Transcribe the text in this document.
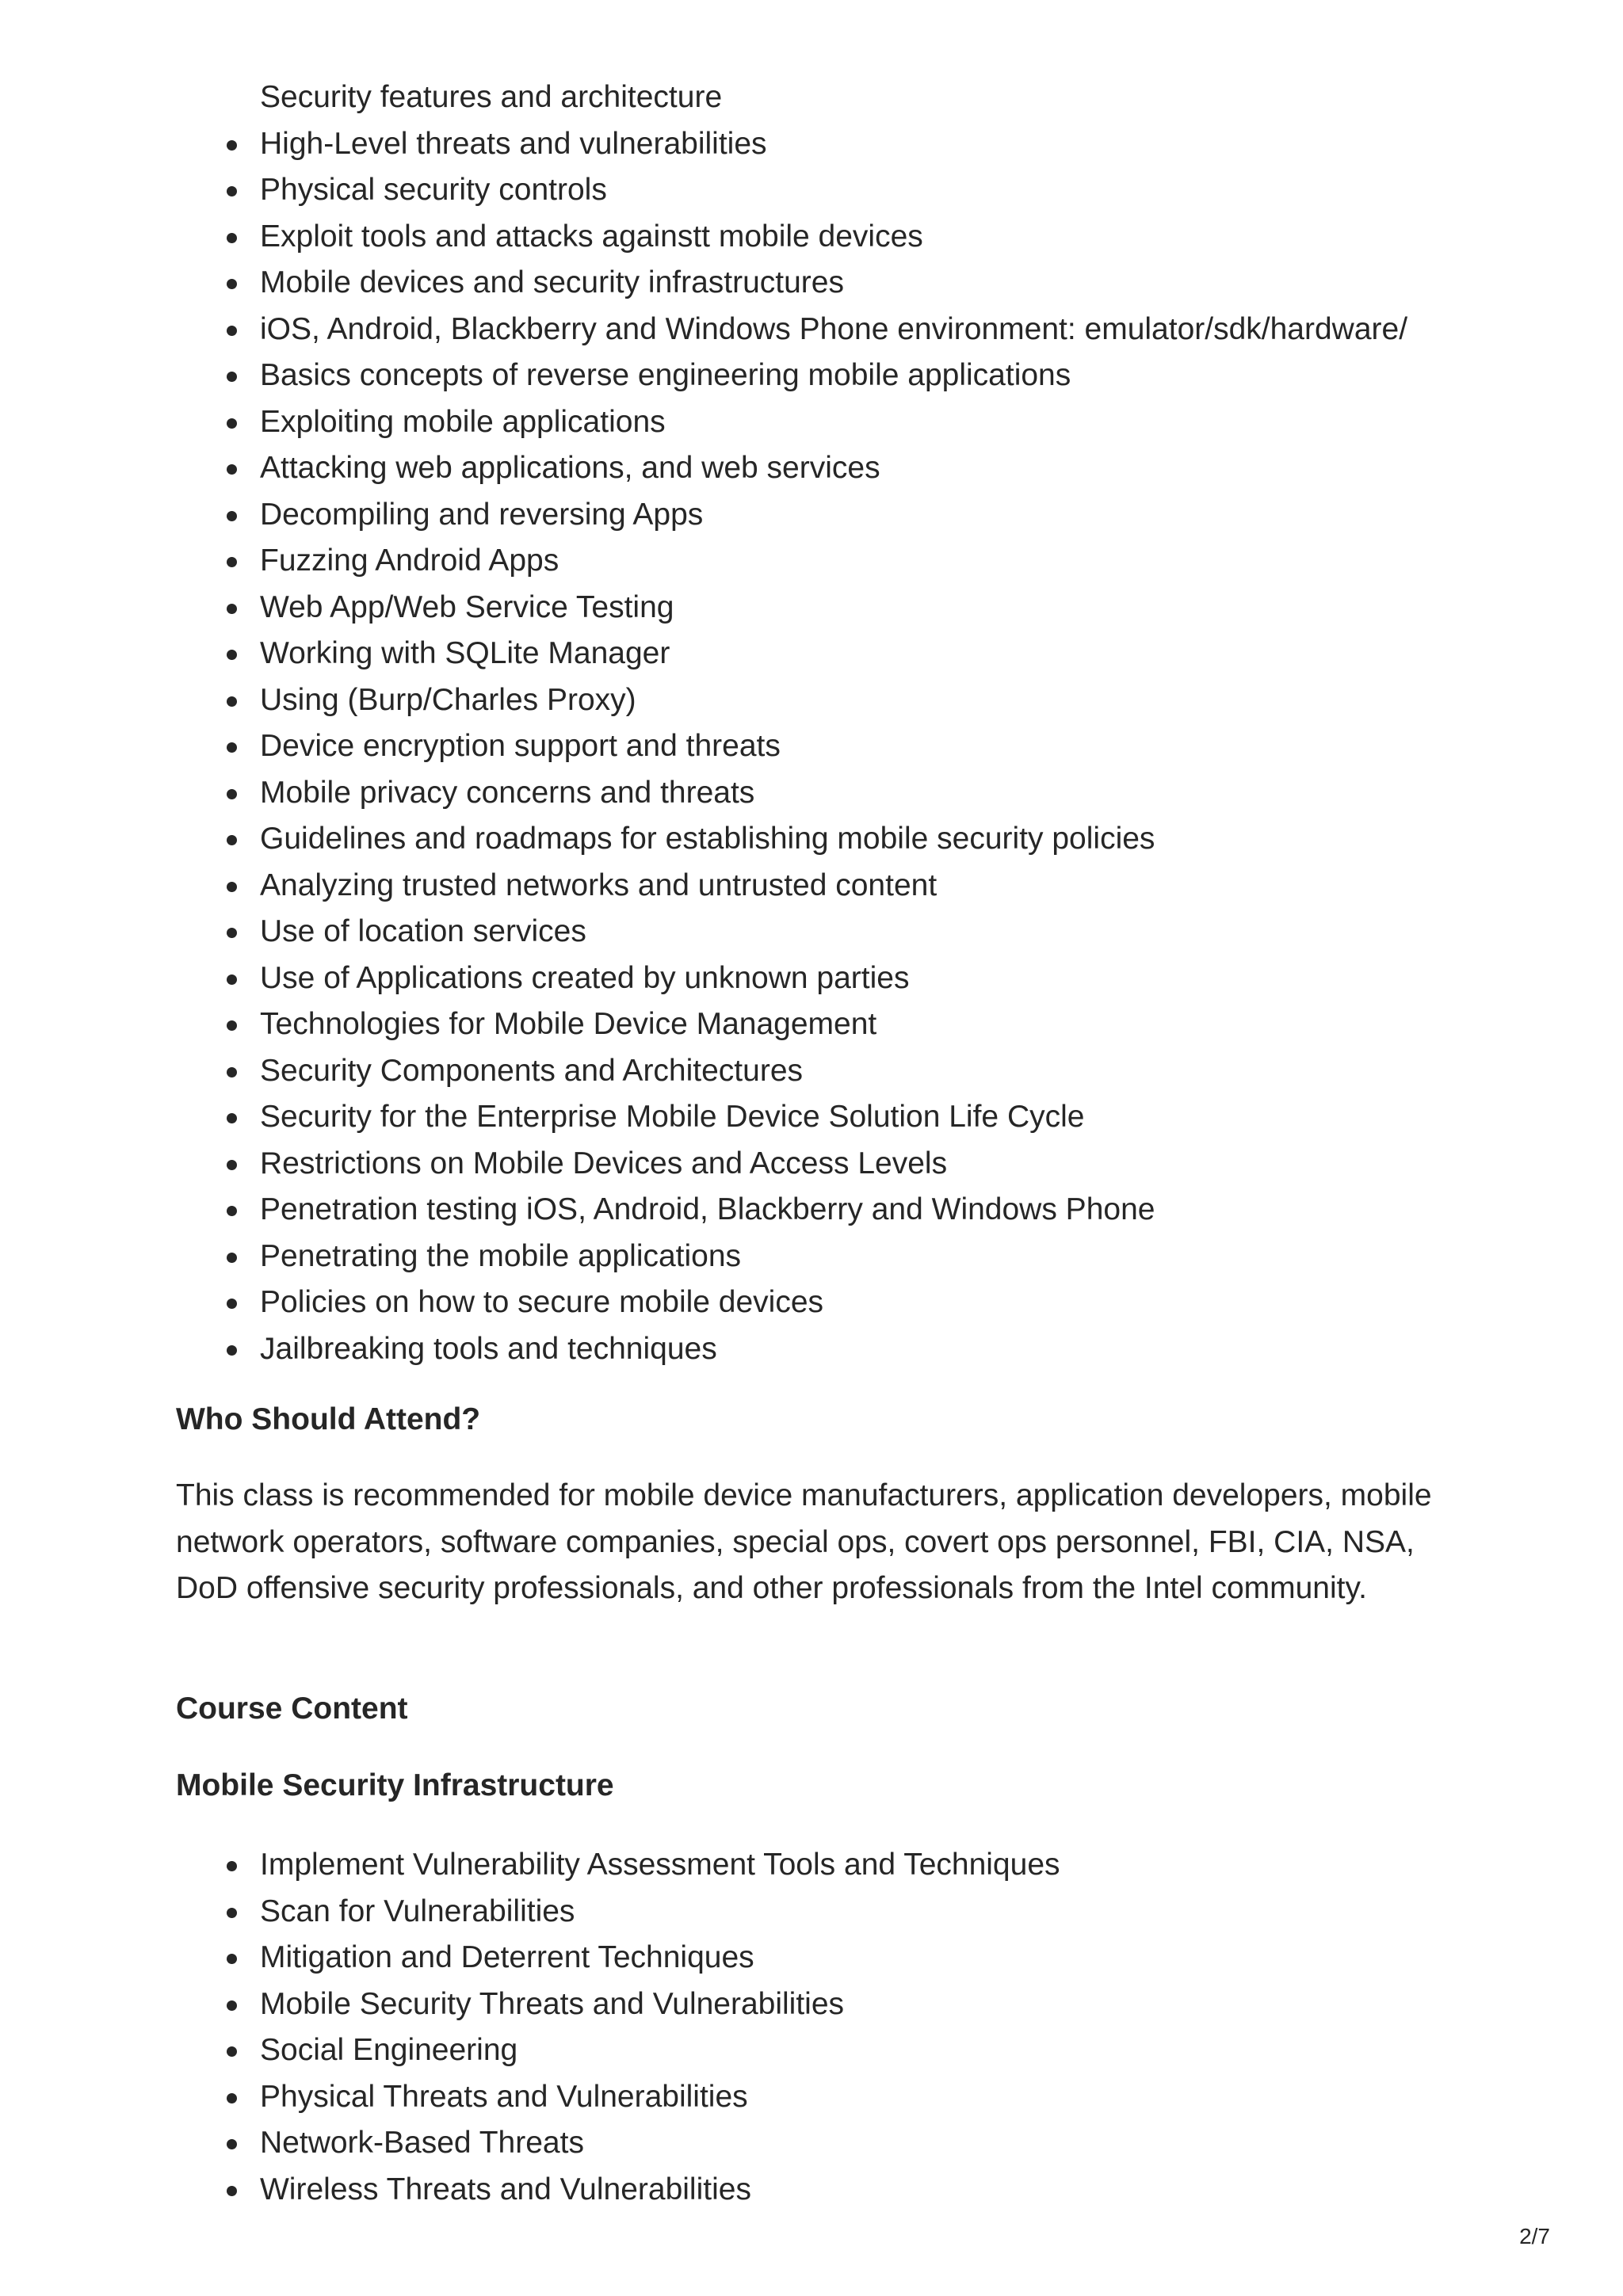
Security features and architecture

High-Level threats and vulnerabilities
Physical security controls
Exploit tools and attacks againstt mobile devices
Mobile devices and security infrastructures
iOS, Android, Blackberry and Windows Phone environment: emulator/sdk/hardware/
Basics concepts of reverse engineering mobile applications
Exploiting mobile applications
Attacking web applications, and web services
Decompiling and reversing Apps
Fuzzing Android Apps
Web App/Web Service Testing
Working with SQLite Manager
Using (Burp/Charles Proxy)
Device encryption support and threats
Mobile privacy concerns and threats
Guidelines and roadmaps for establishing mobile security policies
Analyzing trusted networks and untrusted content
Use of location services
Use of Applications created by unknown parties
Technologies for Mobile Device Management
Security Components and Architectures
Security for the Enterprise Mobile Device Solution Life Cycle
Restrictions on Mobile Devices and Access Levels
Penetration testing iOS, Android, Blackberry and Windows Phone
Penetrating the mobile applications
Policies on how to secure mobile devices
Jailbreaking tools and techniques
Who Should Attend?

This class is recommended for mobile device manufacturers, application developers, mobile network operators, software companies, special ops, covert ops personnel, FBI, CIA, NSA, DoD offensive security professionals, and other professionals from the Intel community.

Course Content
Mobile Security Infrastructure
Implement Vulnerability Assessment Tools and Techniques
Scan for Vulnerabilities
Mitigation and Deterrent Techniques
Mobile Security Threats and Vulnerabilities
Social Engineering
Physical Threats and Vulnerabilities
Network-Based Threats
Wireless Threats and Vulnerabilities

2/7
